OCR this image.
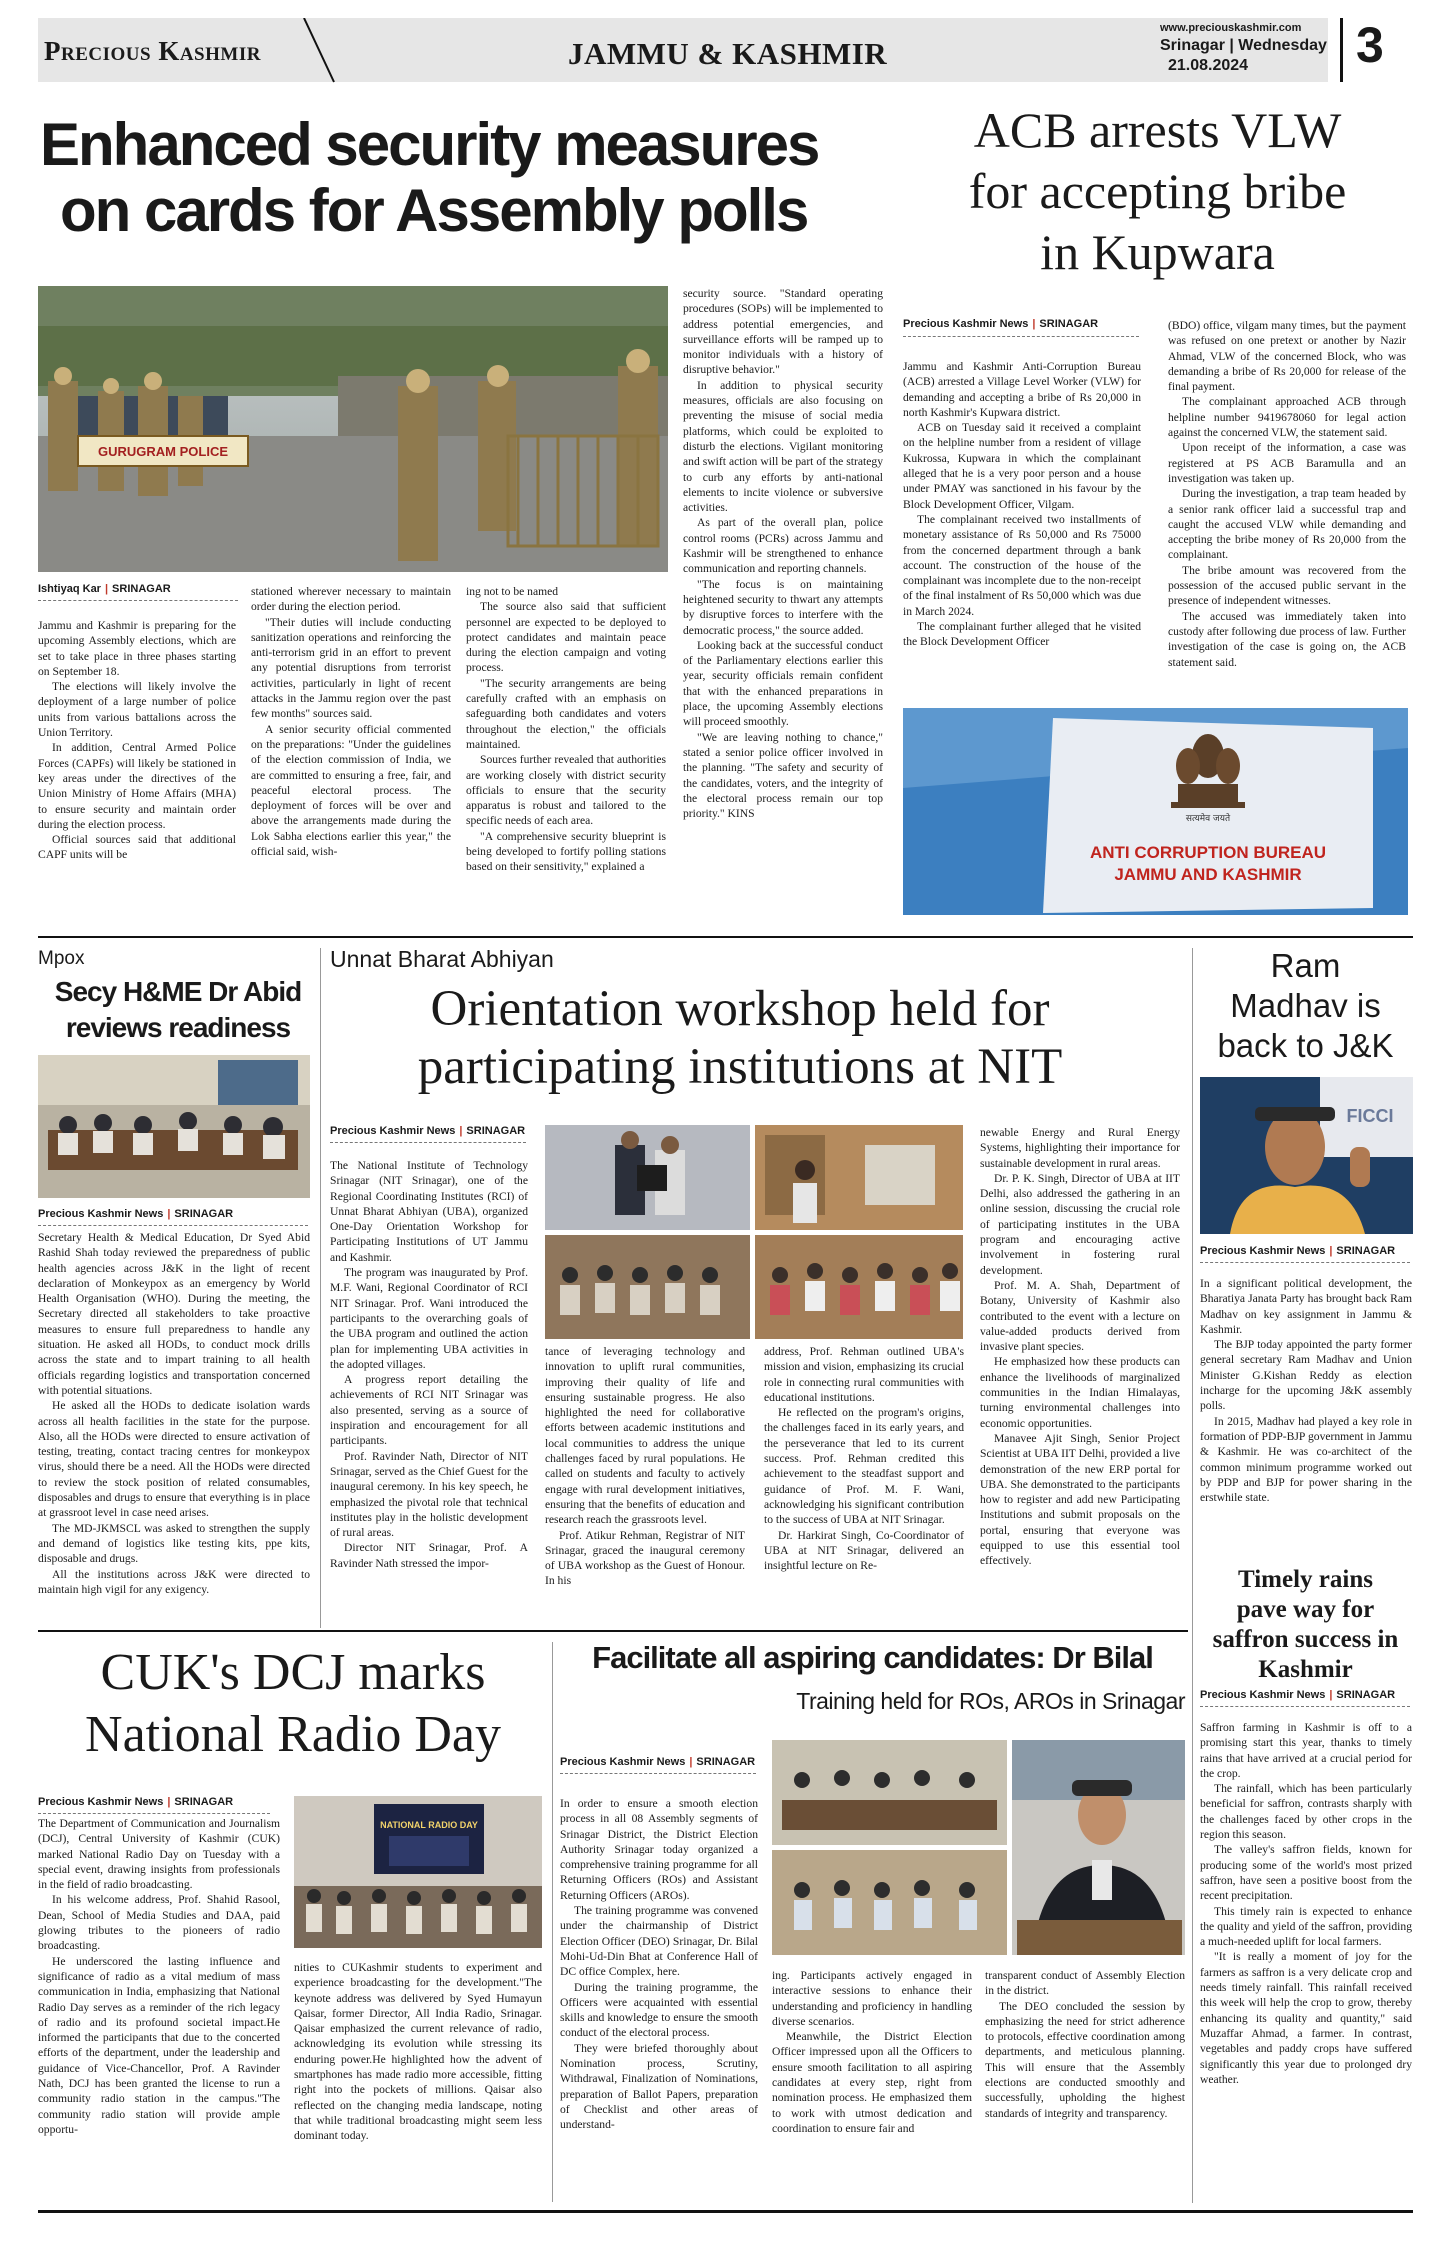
Precious Kashmir	JAMMU & KASHMIR
www.preciouskashmir.com
Srinagar | Wednesday
21.08.2024 3
Enhanced security measures
on cards for Assembly polls
GURUGRAM POLICE
Ishtiyaq Kar | SRINAGAR

Jammu and Kashmir is preparing for the upcoming Assembly elections, which are set to take place in three phases starting on September 18.

The elections will likely involve the deployment of a large number of police units from various battalions across the Union Territory.

In addition, Central Armed Police Forces (CAPFs) will likely be stationed in key areas under the directives of the Union Ministry of Home Affairs (MHA) to ensure security and maintain order during the election process.

Official sources said that additional CAPF units will be

stationed wherever necessary to maintain order during the election period.

"Their duties will include conducting sanitization operations and reinforcing the anti-terrorism grid in an effort to prevent any potential disruptions from terrorist activities, particularly in light of recent attacks in the Jammu region over the past few months" sources said.

A senior security official commented on the preparations: "Under the guidelines of the election commission of India, we are committed to ensuring a free, fair, and peaceful electoral process. The deployment of forces will be over and above the arrangements made during the Lok Sabha elections earlier this year," the official said, wish-

ing not to be named

The source also said that sufficient personnel are expected to be deployed to protect candidates and maintain peace during the election campaign and voting process.

"The security arrangements are being carefully crafted with an emphasis on safeguarding both candidates and voters throughout the election," the officials maintained.

Sources further revealed that authorities are working closely with district security officials to ensure that the security apparatus is robust and tailored to the specific needs of each area.

"A comprehensive security blueprint is being developed to fortify polling stations based on their sensitivity," explained a

security source. "Standard operating procedures (SOPs) will be implemented to address potential emergencies, and surveillance efforts will be ramped up to monitor individuals with a history of disruptive behavior."

In addition to physical security measures, officials are also focusing on preventing the misuse of social media platforms, which could be exploited to disturb the elections. Vigilant monitoring and swift action will be part of the strategy to curb any efforts by anti-national elements to incite violence or subversive activities.

As part of the overall plan, police control rooms (PCRs) across Jammu and Kashmir will be strengthened to enhance communication and reporting channels.

"The focus is on maintaining heightened security to thwart any attempts by disruptive forces to interfere with the democratic process," the source added.

Looking back at the successful conduct of the Parliamentary elections earlier this year, security officials remain confident that with the enhanced preparations in place, the upcoming Assembly elections will proceed smoothly.

"We are leaving nothing to chance," stated a senior police officer involved in the planning. "The safety and security of the candidates, voters, and the integrity of the electoral process remain our top priority." KINS

ACB arrests VLW
for accepting bribe
in Kupwara
Precious Kashmir News | SRINAGAR

Jammu and Kashmir Anti-Corruption Bureau (ACB) arrested a Village Level Worker (VLW) for demanding and accepting a bribe of Rs 20,000 in north Kashmir's Kupwara district.

ACB on Tuesday said it received a complaint on the helpline number from a resident of village Kukrossa, Kupwara in which the complainant alleged that he is a very poor person and a house under PMAY was sanctioned in his favour by the Block Development Officer, Vilgam.

The complainant received two installments of monetary assistance of Rs 50,000 and Rs 75000 from the concerned department through a bank account. The construction of the house of the complainant was incomplete due to the non-receipt of the final instalment of Rs 50,000 which was due in March 2024.

The complainant further alleged that he visited the Block Development Officer

(BDO) office, vilgam many times, but the payment was refused on one pretext or another by Nazir Ahmad, VLW of the concerned Block, who was demanding a bribe of Rs 20,000 for release of the final payment.

The complainant approached ACB through helpline number 9419678060 for legal action against the concerned VLW, the statement said.

Upon receipt of the information, a case was registered at PS ACB Baramulla and an investigation was taken up.

During the investigation, a trap team headed by a senior rank officer laid a successful trap and caught the accused VLW while demanding and accepting the bribe money of Rs 20,000 from the complainant.

The bribe amount was recovered from the possession of the accused public servant in the presence of independent witnesses.

The accused was immediately taken into custody after following due process of law. Further investigation of the case is going on, the ACB statement said.

सत्यमेव जयते
ANTI CORRUPTION BUREAU
JAMMU AND KASHMIR
Mpox
Secy H&ME Dr Abid
reviews readiness
Precious Kashmir News | SRINAGAR

Secretary Health & Medical Education, Dr Syed Abid Rashid Shah today reviewed the preparedness of public health agencies across J&K in the light of recent declaration of Monkeypox as an emergency by World Health Organisation (WHO). During the meeting, the Secretary directed all stakeholders to take proactive measures to ensure full preparedness to handle any situation. He asked all HODs, to conduct mock drills across the state and to impart training to all health officials regarding logistics and transportation concerned with potential situations.

He asked all the HODs to dedicate isolation wards across all health facilities in the state for the purpose. Also, all the HODs were directed to ensure activation of testing, treating, contact tracing centres for monkeypox virus, should there be a need. All the HODs were directed to review the stock position of related consumables, disposables and drugs to ensure that everything is in place at grassroot level in case need arises.

The MD-JKMSCL was asked to strengthen the supply and demand of logistics like testing kits, ppe kits, disposable and drugs.

All the institutions across J&K were directed to maintain high vigil for any exigency.

Unnat Bharat Abhiyan
Orientation workshop held for
participating institutions at NIT
Precious Kashmir News | SRINAGAR

The National Institute of Technology Srinagar (NIT Srinagar), one of the Regional Coordinating Institutes (RCI) of Unnat Bharat Abhiyan (UBA), organized One-Day Orientation Workshop for Participating Institutions of UT Jammu and Kashmir.

The program was inaugurated by Prof. M.F. Wani, Regional Coordinator of RCI NIT Srinagar. Prof. Wani introduced the participants to the overarching goals of the UBA program and outlined the action plan for implementing UBA activities in the adopted villages.

A progress report detailing the achievements of RCI NIT Srinagar was also presented, serving as a source of inspiration and encouragement for all participants.

Prof. Ravinder Nath, Director of NIT Srinagar, served as the Chief Guest for the inaugural ceremony. In his key speech, he emphasized the pivotal role that technical institutes play in the holistic development of rural areas.

Director NIT Srinagar, Prof. A Ravinder Nath stressed the impor-

tance of leveraging technology and innovation to uplift rural communities, improving their quality of life and ensuring sustainable progress. He also highlighted the need for collaborative efforts between academic institutions and local communities to address the unique challenges faced by rural populations. He called on students and faculty to actively engage with rural development initiatives, ensuring that the benefits of education and research reach the grassroots level.

Prof. Atikur Rehman, Registrar of NIT Srinagar, graced the inaugural ceremony of UBA workshop as the Guest of Honour. In his

address, Prof. Rehman outlined UBA's mission and vision, emphasizing its crucial role in connecting rural communities with educational institutions.

He reflected on the program's origins, the challenges faced in its early years, and the perseverance that led to its current success. Prof. Rehman credited this achievement to the steadfast support and guidance of Prof. M. F. Wani, acknowledging his significant contribution to the success of UBA at NIT Srinagar.

Dr. Harkirat Singh, Co-Coordinator of UBA at NIT Srinagar, delivered an insightful lecture on Re-

newable Energy and Rural Energy Systems, highlighting their importance for sustainable development in rural areas.

Dr. P. K. Singh, Director of UBA at IIT Delhi, also addressed the gathering in an online session, discussing the crucial role of participating institutes in the UBA program and encouraging active involvement in fostering rural development.

Prof. M. A. Shah, Department of Botany, University of Kashmir also contributed to the event with a lecture on value-added products derived from invasive plant species.

He emphasized how these products can enhance the livelihoods of marginalized communities in the Indian Himalayas, turning environmental challenges into economic opportunities.

Manavee Ajit Singh, Senior Project Scientist at UBA IIT Delhi, provided a live demonstration of the new ERP portal for UBA. She demonstrated to the participants how to register and add new Participating Institutions and submit proposals on the portal, ensuring that everyone was equipped to use this essential tool effectively.

Ram
Madhav is
back to J&K
FICCI
Precious Kashmir News | SRINAGAR

In a significant political development, the Bharatiya Janata Party has brought back Ram Madhav on key assignment in Jammu & Kashmir.

The BJP today appointed the party former general secretary Ram Madhav and Union Minister G.Kishan Reddy as election incharge for the upcoming J&K assembly polls.

In 2015, Madhav had played a key role in formation of PDP-BJP government in Jammu & Kashmir. He was co-architect of the common minimum programme worked out by PDP and BJP for power sharing in the erstwhile state.

Timely rains
pave way for
saffron success in
Kashmir
Precious Kashmir News | SRINAGAR

Saffron farming in Kashmir is off to a promising start this year, thanks to timely rains that have arrived at a crucial period for the crop.

The rainfall, which has been particularly beneficial for saffron, contrasts sharply with the challenges faced by other crops in the region this season.

The valley's saffron fields, known for producing some of the world's most prized saffron, have seen a positive boost from the recent precipitation.

This timely rain is expected to enhance the quality and yield of the saffron, providing a much-needed uplift for local farmers.

"It is really a moment of joy for the farmers as saffron is a very delicate crop and needs timely rainfall. This rainfall received this week will help the crop to grow, thereby enhancing its quality and quantity," said Muzaffar Ahmad, a farmer. In contrast, vegetables and paddy crops have suffered significantly this year due to prolonged dry weather.

CUK's DCJ marks
National Radio Day
Precious Kashmir News | SRINAGAR

The Department of Communication and Journalism (DCJ), Central University of Kashmir (CUK) marked National Radio Day on Tuesday with a special event, drawing insights from professionals in the field of radio broadcasting.

In his welcome address, Prof. Shahid Rasool, Dean, School of Media Studies and DAA, paid glowing tributes to the pioneers of radio broadcasting.

He underscored the lasting influence and significance of radio as a vital medium of mass communication in India, emphasizing that National Radio Day serves as a reminder of the rich legacy of radio and its profound societal impact.He informed the participants that due to the concerted efforts of the department, under the leadership and guidance of Vice-Chancellor, Prof. A Ravinder Nath, DCJ has been granted the license to run a community radio station in the campus."The community radio station will provide ample opportu-

NATIONAL RADIO DAY

nities to CUKashmir students to experiment and experience broadcasting for the development."The keynote address was delivered by Syed Humayun Qaisar, former Director, All India Radio, Srinagar. Qaisar emphasized the current relevance of radio, acknowledging its evolution while stressing its enduring power.He highlighted how the advent of smartphones has made radio more accessible, fitting right into the pockets of millions. Qaisar also reflected on the changing media landscape, noting that while traditional broadcasting might seem less dominant today.

Facilitate all aspiring candidates: Dr Bilal
Training held for ROs, AROs in Srinagar
Precious Kashmir News | SRINAGAR

In order to ensure a smooth election process in all 08 Assembly segments of Srinagar District, the District Election Authority Srinagar today organized a comprehensive training programme for all Returning Officers (ROs) and Assistant Returning Officers (AROs).

The training programme was convened under the chairmanship of District Election Officer (DEO) Srinagar, Dr. Bilal Mohi-Ud-Din Bhat at Conference Hall of DC office Complex, here.

During the training programme, the Officers were acquainted with essential skills and knowledge to ensure the smooth conduct of the electoral process.

They were briefed thoroughly about Nomination process, Scrutiny, Withdrawal, Finalization of Nominations, preparation of Ballot Papers, preparation of Checklist and other areas of understand-

ing. Participants actively engaged in interactive sessions to enhance their understanding and proficiency in handling diverse scenarios.

Meanwhile, the District Election Officer impressed upon all the Officers to ensure smooth facilitation to all aspiring candidates at every step, right from nomination process. He emphasized them to work with utmost dedication and coordination to ensure fair and

transparent conduct of Assembly Election in the district.

The DEO concluded the session by emphasizing the need for strict adherence to protocols, effective coordination among departments, and meticulous planning. This will ensure that the Assembly elections are conducted smoothly and successfully, upholding the highest standards of integrity and transparency.
